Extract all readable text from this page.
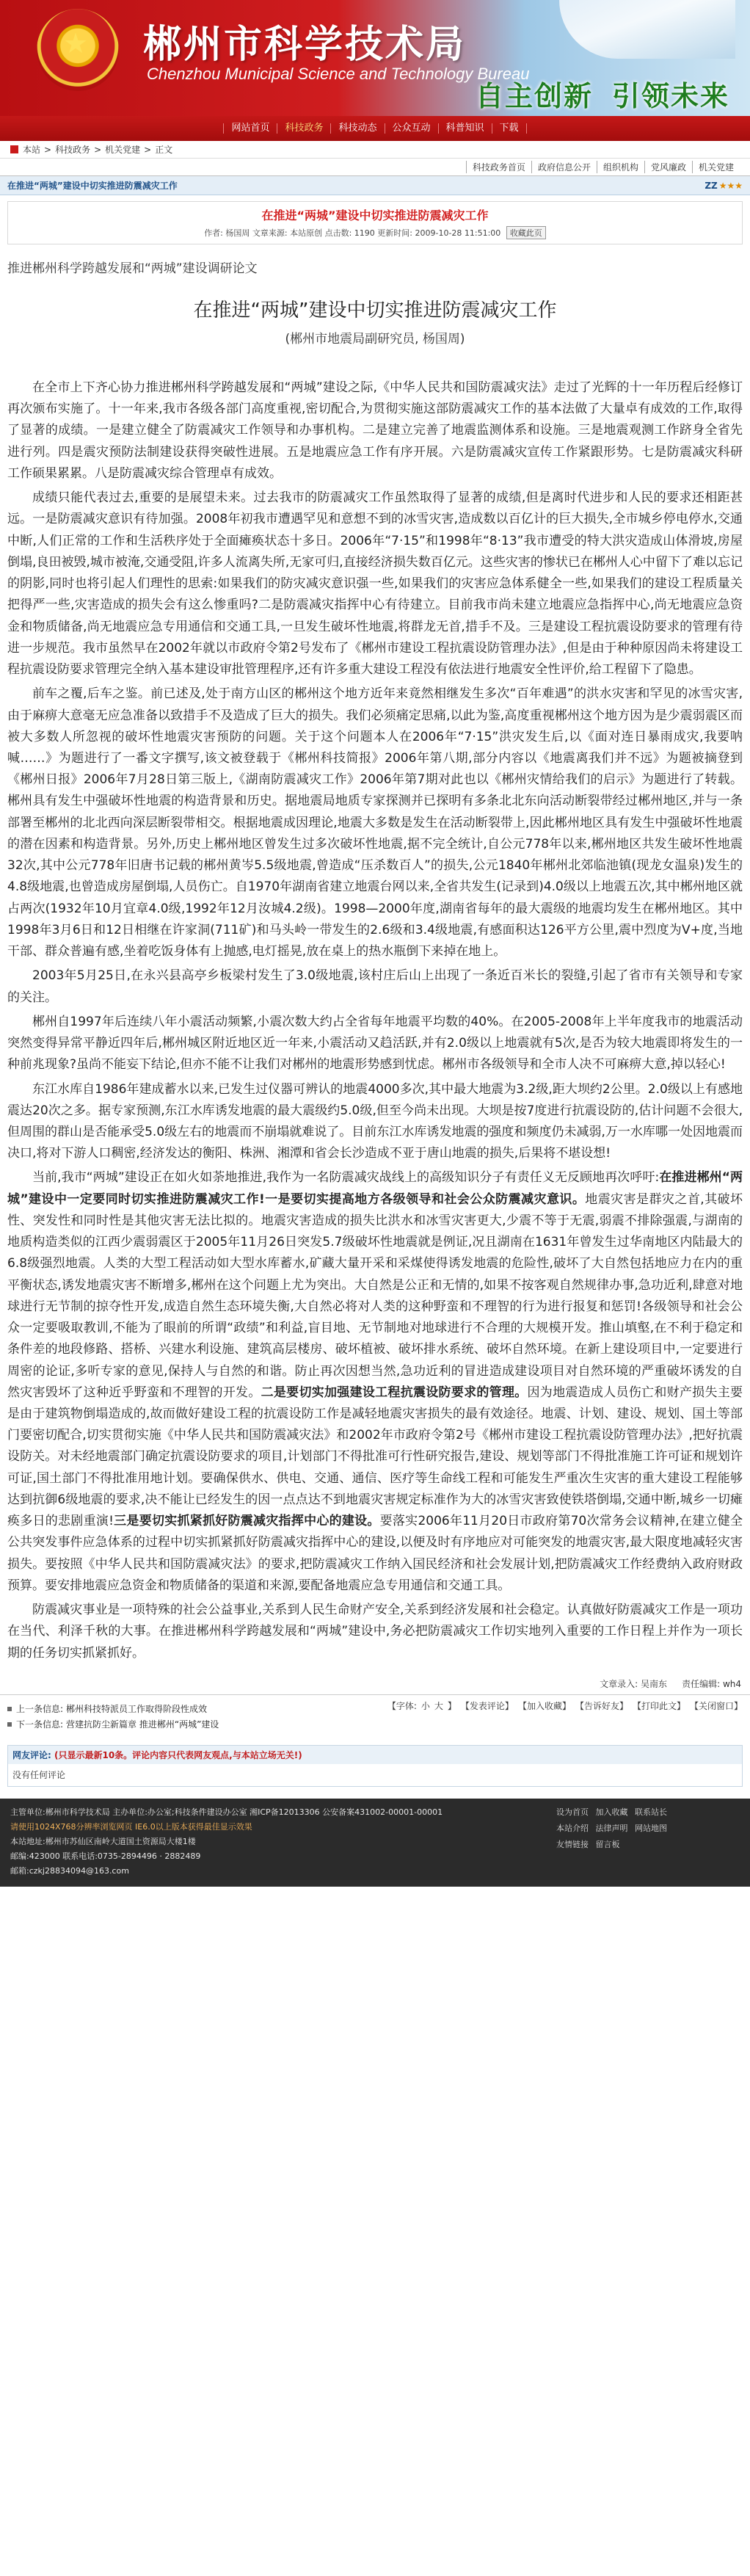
★ 郴州市科学技术局
Chenzhou Municipal Science and Technology Bureau
自主创新 引领未来
网站首页	科技政务	科技动态	公众互动	科普知识	下载
本站 > 科技政务 > 机关党建 > 正文
科技政务首页	政府信息公开	组织机构	党风廉政	机关党建
在推进“两城”建设中切实推进防震减灾工作	ZZ ★★★
在推进“两城”建设中切实推进防震减灾工作
作者: 杨国周 文章来源: 本站原创 点击数: 1190 更新时间: 2009-10-28 11:51:00 收藏此页
推进郴州科学跨越发展和“两城”建设调研论文
在推进“两城”建设中切实推进防震减灾工作
(郴州市地震局副研究员, 杨国周)

在全市上下齐心协力推进郴州科学跨越发展和“两城”建设之际,《中华人民共和国防震减灾法》走过了光辉的十一年历程后经修订再次颁布实施了。十一年来,我市各级各部门高度重视,密切配合,为贯彻实施这部防震减灾工作的基本法做了大量卓有成效的工作,取得了显著的成绩。一是建立健全了防震减灾工作领导和办事机构。二是建立完善了地震监测体系和设施。三是地震观测工作跻身全省先进行列。四是震灾预防法制建设获得突破性进展。五是地震应急工作有序开展。六是防震减灾宣传工作紧跟形势。七是防震减灾科研工作硕果累累。八是防震减灾综合管理卓有成效。

成绩只能代表过去,重要的是展望未来。过去我市的防震减灾工作虽然取得了显著的成绩,但是离时代进步和人民的要求还相距甚远。一是防震减灾意识有待加强。2008年初我市遭遇罕见和意想不到的冰雪灾害,造成数以百亿计的巨大损失,全市城乡停电停水,交通中断,人们正常的工作和生活秩序处于全面瘫痪状态十多日。2006年“7·15”和1998年“8·13”我市遭受的特大洪灾造成山体滑坡,房屋倒塌,良田被毁,城市被淹,交通受阻,许多人流离失所,无家可归,直接经济损失数百亿元。这些灾害的惨状已在郴州人心中留下了难以忘记的阴影,同时也将引起人们理性的思索:如果我们的防灾减灾意识强一些,如果我们的灾害应急体系健全一些,如果我们的建设工程质量关把得严一些,灾害造成的损失会有这么惨重吗?二是防震减灾指挥中心有待建立。目前我市尚未建立地震应急指挥中心,尚无地震应急资金和物质储备,尚无地震应急专用通信和交通工具,一旦发生破坏性地震,将群龙无首,措手不及。三是建设工程抗震设防要求的管理有待进一步规范。我市虽然早在2002年就以市政府令第2号发布了《郴州市建设工程抗震设防管理办法》,但是由于种种原因尚未将建设工程抗震设防要求管理完全纳入基本建设审批管理程序,还有许多重大建设工程没有依法进行地震安全性评价,给工程留下了隐患。

前车之覆,后车之鉴。前已述及,处于南方山区的郴州这个地方近年来竟然相继发生多次“百年难遇”的洪水灾害和罕见的冰雪灾害,由于麻痹大意毫无应急准备以致措手不及造成了巨大的损失。我们必须痛定思痛,以此为鉴,高度重视郴州这个地方因为是少震弱震区而被大多数人所忽视的破坏性地震灾害预防的问题。关于这个问题本人在2006年“7·15”洪灾发生后,以《面对连日暴雨成灾,我要呐喊……》为题进行了一番文字撰写,该文被登载于《郴州科技简报》2006年第八期,部分内容以《地震离我们并不远》为题被摘登到《郴州日报》2006年7月28日第三版上,《湖南防震减灾工作》2006年第7期对此也以《郴州灾情给我们的启示》为题进行了转载。郴州具有发生中强破坏性地震的构造背景和历史。据地震局地质专家探测并已探明有多条北北东向活动断裂带经过郴州地区,并与一条部署至郴州的北北西向深层断裂带相交。根据地震成因理论,地震大多数是发生在活动断裂带上,因此郴州地区具有发生中强破坏性地震的潜在因素和构造背景。另外,历史上郴州地区曾发生过多次破坏性地震,据不完全统计,自公元778年以来,郴州地区共发生破坏性地震32次,其中公元778年旧唐书记载的郴州黄岑5.5级地震,曾造成“压杀数百人”的损失,公元1840年郴州北郊临池镇(现龙女温泉)发生的4.8级地震,也曾造成房屋倒塌,人员伤亡。自1970年湖南省建立地震台网以来,全省共发生(记录到)4.0级以上地震五次,其中郴州地区就占两次(1932年10月宜章4.0级,1992年12月汝城4.2级)。1998—2000年度,湖南省每年的最大震级的地震均发生在郴州地区。其中1998年3月6日和12日相继在许家洞(711矿)和马头岭一带发生的2.6级和3.4级地震,有感面积达126平方公里,震中烈度为V+度,当地干部、群众普遍有感,坐着吃饭身体有上抛感,电灯摇晃,放在桌上的热水瓶倒下来掉在地上。

2003年5月25日,在永兴县高亭乡板梁村发生了3.0级地震,该村庄后山上出现了一条近百米长的裂缝,引起了省市有关领导和专家的关注。

郴州自1997年后连续八年小震活动频繁,小震次数大约占全省每年地震平均数的40%。在2005-2008年上半年度我市的地震活动突然变得异常平静近四年后,郴州城区附近地区近一年来,小震活动又趋活跃,并有2.0级以上地震就有5次,是否为较大地震即将发生的一种前兆现象?虽尚不能妄下结论,但亦不能不让我们对郴州的地震形势感到忧虑。郴州市各级领导和全市人决不可麻痹大意,掉以轻心!

东江水库自1986年建成蓄水以来,已发生过仪器可辨认的地震4000多次,其中最大地震为3.2级,距大坝约2公里。2.0级以上有感地震达20次之多。据专家预测,东江水库诱发地震的最大震级约5.0级,但至今尚未出现。大坝是按7度进行抗震设防的,估计问题不会很大,但周围的群山是否能承受5.0级左右的地震而不崩塌就难说了。目前东江水库诱发地震的强度和频度仍未减弱,万一水库哪一处因地震而决口,将对下游人口稠密,经济发达的衡阳、株洲、湘潭和省会长沙造成不亚于唐山地震的损失,后果将不堪设想!

当前,我市“两城”建设正在如火如荼地推进,我作为一名防震减灾战线上的高级知识分子有责任义无反顾地再次呼吁:在推进郴州“两城”建设中一定要同时切实推进防震减灾工作!一是要切实提高地方各级领导和社会公众防震减灾意识。地震灾害是群灾之首,其破坏性、突发性和同时性是其他灾害无法比拟的。地震灾害造成的损失比洪水和冰雪灾害更大,少震不等于无震,弱震不排除强震,与湖南的地质构造类似的江西少震弱震区于2005年11月26日突发5.7级破坏性地震就是例证,况且湖南在1631年曾发生过华南地区内陆最大的6.8级强烈地震。人类的大型工程活动如大型水库蓄水,矿藏大量开采和采煤使得诱发地震的危险性,破坏了大自然包括地应力在内的重平衡状态,诱发地震灾害不断增多,郴州在这个问题上尤为突出。大自然是公正和无情的,如果不按客观自然规律办事,急功近利,肆意对地球进行无节制的掠夺性开发,成造自然生态环境失衡,大自然必将对人类的这种野蛮和不理智的行为进行报复和惩罚!各级领导和社会公众一定要吸取教训,不能为了眼前的所谓“政绩”和利益,盲目地、无节制地对地球进行不合理的大规模开发。推山填壑,在不利于稳定和条件差的地段修路、搭桥、兴建水利设施、建筑高层楼房、破坏植被、破坏排水系统、破坏自然环境。在新上建设项目中,一定要进行周密的论证,多听专家的意见,保持人与自然的和谐。防止再次因想当然,急功近利的冒进造成建设项目对自然环境的严重破坏诱发的自然灾害毁坏了这种近乎野蛮和不理智的开发。二是要切实加强建设工程抗震设防要求的管理。因为地震造成人员伤亡和财产损失主要是由于建筑物倒塌造成的,故而做好建设工程的抗震设防工作是减轻地震灾害损失的最有效途径。地震、计划、建设、规划、国土等部门要密切配合,切实贯彻实施《中华人民共和国防震减灾法》和2002年市政府令第2号《郴州市建设工程抗震设防管理办法》,把好抗震设防关。对未经地震部门确定抗震设防要求的项目,计划部门不得批准可行性研究报告,建设、规划等部门不得批准施工许可证和规划许可证,国土部门不得批准用地计划。要确保供水、供电、交通、通信、医疗等生命线工程和可能发生严重次生灾害的重大建设工程能够达到抗御6级地震的要求,决不能让已经发生的因一点点达不到地震灾害规定标准作为大的冰雪灾害致使铁塔倒塌,交通中断,城乡一切瘫痪多日的悲剧重演!三是要切实抓紧抓好防震减灾指挥中心的建设。要落实2006年11月20日市政府第70次常务会议精神,在建立健全公共突发事件应急体系的过程中切实抓紧抓好防震减灾指挥中心的建设,以便及时有序地应对可能突发的地震灾害,最大限度地减轻灾害损失。要按照《中华人民共和国防震减灾法》的要求,把防震减灾工作纳入国民经济和社会发展计划,把防震减灾工作经费纳入政府财政预算。要安排地震应急资金和物质储备的渠道和来源,要配备地震应急专用通信和交通工具。

防震减灾事业是一项特殊的社会公益事业,关系到人民生命财产安全,关系到经济发展和社会稳定。认真做好防震减灾工作是一项功在当代、利泽千秋的大事。在推进郴州科学跨越发展和“两城”建设中,务必把防震减灾工作切实地列入重要的工作日程上并作为一项长期的任务切实抓紧抓好。

文章录入: 吴南东 责任编辑: wh4
上一条信息: 郴州科技特派员工作取得阶段性成效
下一条信息: 营建抗防尘新篇章 推进郴州“两城”建设
【字体: 小 大 】 【发表评论】 【加入收藏】 【告诉好友】 【打印此文】 【关闭窗口】
网友评论: (只显示最新10条。评论内容只代表网友观点,与本站立场无关!)
没有任何评论
主管单位:郴州市科学技术局 主办单位:办公室;科技条件建设办公室 湘ICP备12013306 公安备案431002-00001-00001
请使用1024X768分辨率浏览网页 IE6.0以上版本获得最佳显示效果
本站地址:郴州市苏仙区南岭大道国土资源局大楼1楼
邮编:423000 联系电话:0735-2894496 · 2882489
邮箱:czkj28834094@163.com
设为首页 加入收藏 联系站长
本站介绍 法律声明 网站地图
友情链接 留言板
